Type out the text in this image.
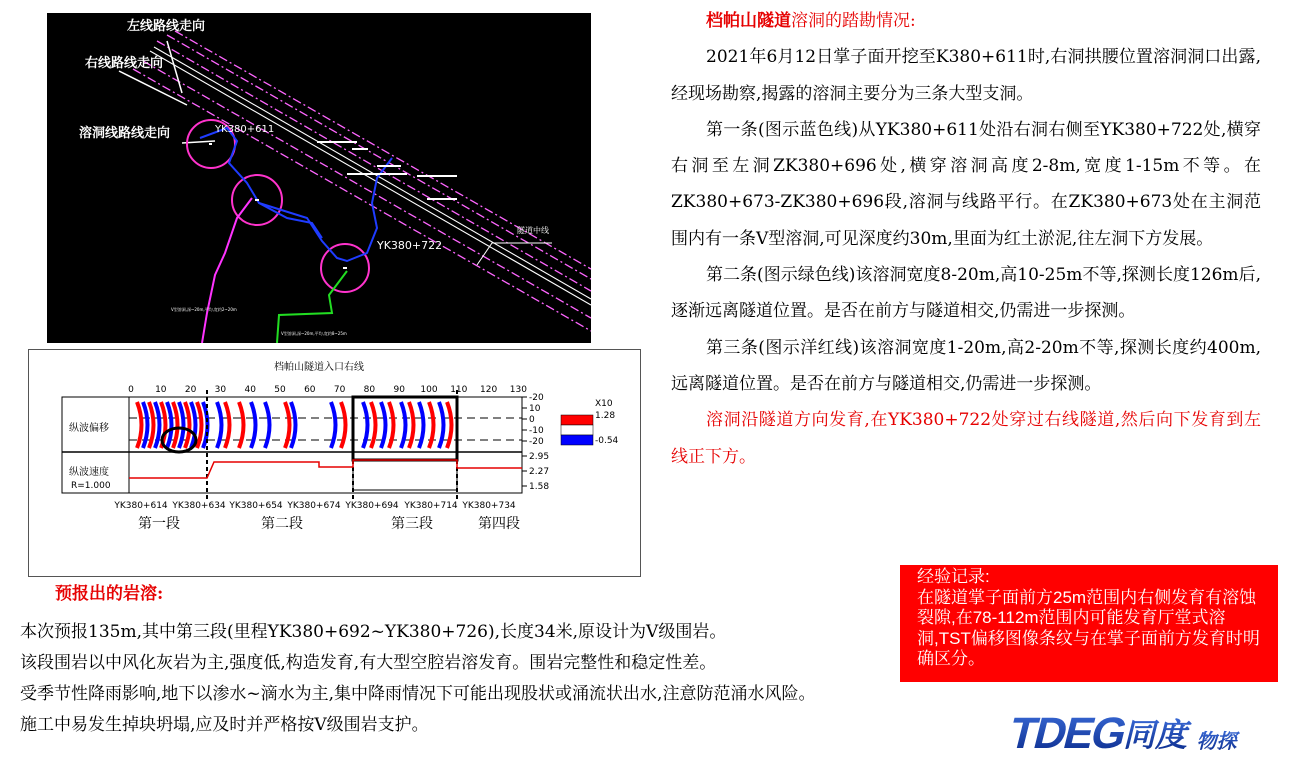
左线路线走向
右线路线走向
溶洞线路线走向	YK380+611
YK380+722
隧道中线
V型溶洞,深~20m,平均,宽约2~20m
V型溶洞,深~20m,平均,宽约8~25m
档帕山隧道入口右线
0 10 20 30 40 50 60 70 80 90 100 110 120 130
纵波偏移
纵波速度
R=1.000
-20
10
0
-10
-20
2.95
2.27
1.58
X10
1.28
-0.54
YK380+614 YK380+634 YK380+654 YK380+674 YK380+694 YK380+714 YK380+734
第一段	第二段	第三段	第四段

档帕山隧道溶洞的踏勘情况:

2021年6月12日掌子面开挖至K380+611时,右洞拱腰位置溶洞洞口出露,经现场勘察,揭露的溶洞主要分为三条大型支洞。

第一条(图示蓝色线)从YK380+611处沿右洞右侧至YK380+722处,横穿右洞至左洞ZK380+696处,横穿溶洞高度2-8m,宽度1-15m不等。在ZK380+673-ZK380+696段,溶洞与线路平行。在ZK380+673处在主洞范围内有一条V型溶洞,可见深度约30m,里面为红土淤泥,往左洞下方发展。

第二条(图示绿色线)该溶洞宽度8-20m,高10-25m不等,探测长度126m后,逐渐远离隧道位置。是否在前方与隧道相交,仍需进一步探测。

第三条(图示洋红线)该溶洞宽度1-20m,高2-20m不等,探测长度约400m,远离隧道位置。是否在前方与隧道相交,仍需进一步探测。

溶洞沿隧道方向发育,在YK380+722处穿过右线隧道,然后向下发育到左线正下方。

预报出的岩溶:

本次预报135m,其中第三段(里程YK380+692~YK380+726),长度34米,原设计为V级围岩。

该段围岩以中风化灰岩为主,强度低,构造发育,有大型空腔岩溶发育。围岩完整性和稳定性差。

受季节性降雨影响,地下以渗水~滴水为主,集中降雨情况下可能出现股状或涌流状出水,注意防范涌水风险。

施工中易发生掉块坍塌,应及时并严格按V级围岩支护。

经验记录:

在隧道掌子面前方25m范围内右侧发育有溶蚀裂隙,在78-112m范围内可能发育厅堂式溶洞,TST偏移图像条纹与在掌子面前方发育时明确区分。

TDEG
同度 物探
